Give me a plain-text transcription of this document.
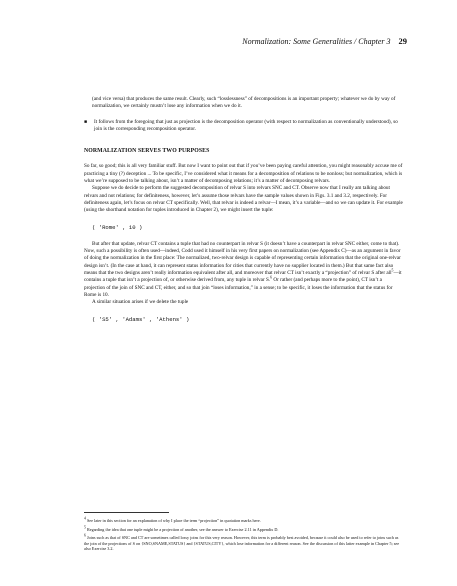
Normalization: Some Generalities / Chapter 3 29

(and vice versa) that produces the same result. Clearly, such “losslessness” of decompositions is an important property; whatever we do by way of normalization, we certainly mustn’t lose any information when we do it.

■	It follows from the foregoing that just as projection is the decomposition operator (with respect to normalization as conventionally understood), so join is the corresponding recomposition operator.
NORMALIZATION SERVES TWO PURPOSES

So far, so good; this is all very familiar stuff. But now I want to point out that if you’ve been paying careful attention, you might reasonably accuse me of practicing a tiny (?) deception ... To be specific, I’ve considered what it means for a decomposition of relations to be nonloss; but normalization, which is what we’re supposed to be talking about, isn’t a matter of decomposing relations; it’s a matter of decomposing relvars.

Suppose we do decide to perform the suggested decomposition of relvar S into relvars SNC and CT. Observe now that I really am talking about relvars and not relations; for definiteness, however, let’s assume those relvars have the sample values shown in Figs. 3.1 and 3.2, respectively. For definiteness again, let’s focus on relvar CT specifically. Well, that relvar is indeed a relvar—I mean, it’s a variable—and so we can update it. For example (using the shorthand notation for tuples introduced in Chapter 2), we might insert the tuple:

( 'Rome' , 10 )

But after that update, relvar CT contains a tuple that had no counterpart in relvar S (it doesn’t have a counterpart in relvar SNC either, come to that). Now, such a possibility is often used—indeed, Codd used it himself in his very first papers on normalization (see Appendix C)—as an argument in favor of doing the normalization in the first place: The normalized, two-relvar design is capable of representing certain information that the original one-relvar design isn’t. (In the case at hand, it can represent status information for cities that currently have no supplier located in them.) But that same fact also means that the two designs aren’t really information equivalent after all, and moreover that relvar CT isn’t exactly a “projection” of relvar S after all$^5$—it contains a tuple that isn’t a projection of, or otherwise derived from, any tuple in relvar S.$^6$ Or rather (and perhaps more to the point), CT isn’t a projection of the join of SNC and CT, either, and so that join “loses information,” in a sense; to be specific, it loses the information that the status for Rome is 10.

A similar situation arises if we delete the tuple

( 'S5' , 'Adams' , 'Athens' )

$^4$ See later in this section for an explanation of why I place the term “projection” in quotation marks here.

$^5$ Regarding the idea that one tuple might be a projection of another, see the answer to Exercise 2.11 in Appendix D.

$^6$ Joins such as that of SNC and CT are sometimes called lossy joins for this very reason. However, this term is probably best avoided, because it could also be used to refer to joins such as the join of the projections of S on {SNO,SNAME,STATUS} and {STATUS,CITY}, which lose information for a different reason. See the discussion of this latter example in Chapter 5; see also Exercise 3.2.
